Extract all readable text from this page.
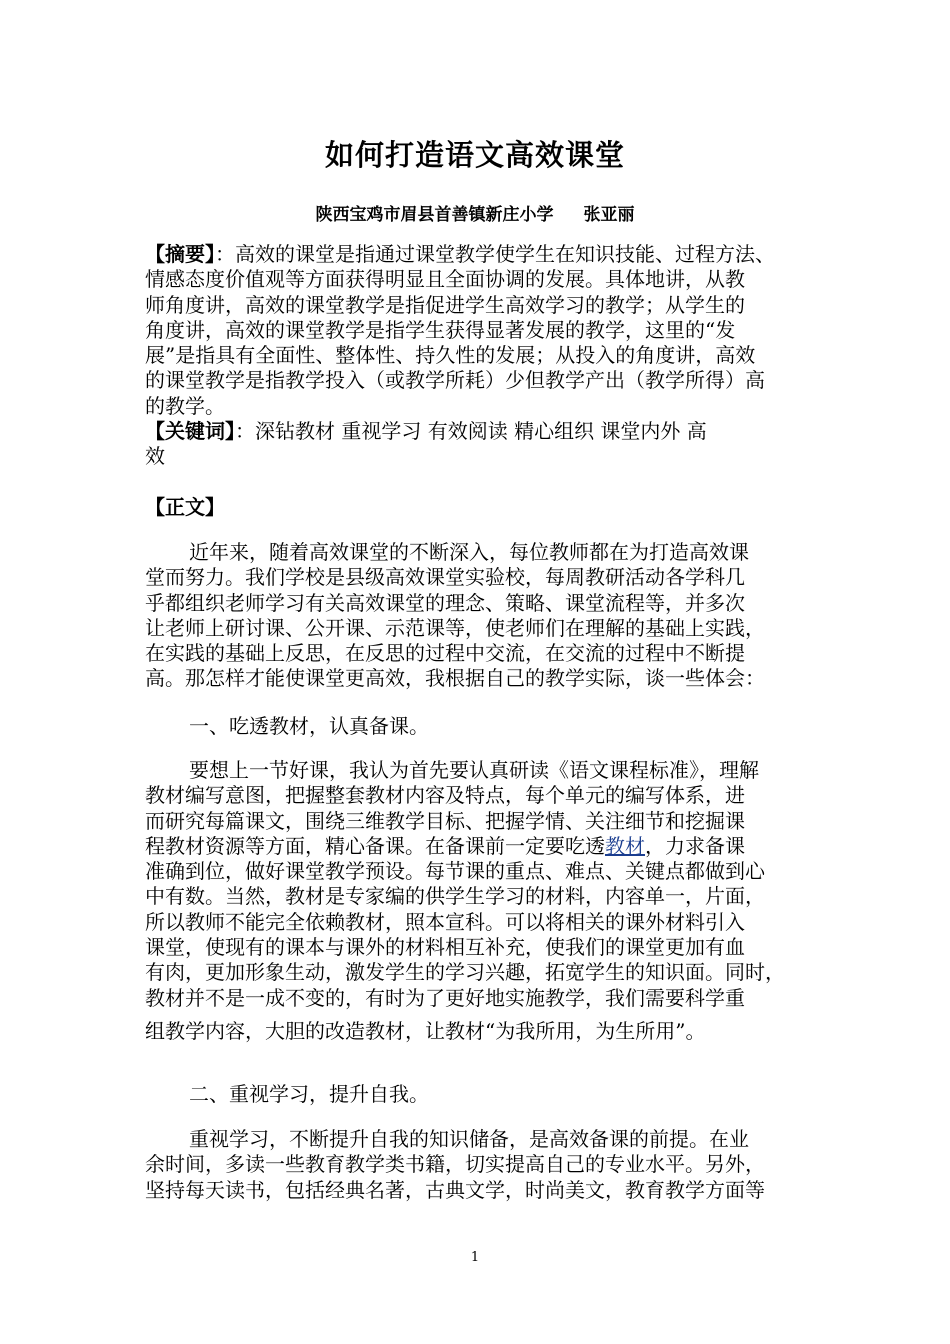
如何打造语文高效课堂
陕西宝鸡市眉县首善镇新庄小学 张亚丽
【摘要】：高效的课堂是指通过课堂教学使学生在知识技能、过程方法、
情感态度价值观等方面获得明显且全面协调的发展。具体地讲，从教
师角度讲，高效的课堂教学是指促进学生高效学习的教学；从学生的
角度讲，高效的课堂教学是指学生获得显著发展的教学，这里的“发
展”是指具有全面性、整体性、持久性的发展；从投入的角度讲，高效
的课堂教学是指教学投入（或教学所耗）少但教学产出（教学所得）高
的教学。
【关键词】：深钻教材 重视学习 有效阅读 精心组织 课堂内外 高
效
【正文】
近年来，随着高效课堂的不断深入，每位教师都在为打造高效课
堂而努力。我们学校是县级高效课堂实验校，每周教研活动各学科几
乎都组织老师学习有关高效课堂的理念、策略、课堂流程等，并多次
让老师上研讨课、公开课、示范课等，使老师们在理解的基础上实践，
在实践的基础上反思，在反思的过程中交流，在交流的过程中不断提
高。那怎样才能使课堂更高效，我根据自己的教学实际，谈一些体会：
一、吃透教材，认真备课。
要想上一节好课，我认为首先要认真研读《语文课程标准》，理解
教材编写意图，把握整套教材内容及特点，每个单元的编写体系，进
而研究每篇课文，围绕三维教学目标、把握学情、关注细节和挖掘课
程教材资源等方面，精心备课。在备课前一定要吃透教材，力求备课
准确到位，做好课堂教学预设。每节课的重点、难点、关键点都做到心
中有数。当然，教材是专家编的供学生学习的材料，内容单一，片面，
所以教师不能完全依赖教材，照本宣科。可以将相关的课外材料引入
课堂，使现有的课本与课外的材料相互补充，使我们的课堂更加有血
有肉，更加形象生动，激发学生的学习兴趣，拓宽学生的知识面。同时，
教材并不是一成不变的，有时为了更好地实施教学，我们需要科学重
组教学内容，大胆的改造教材，让教材“为我所用，为生所用”。
二、重视学习，提升自我。
重视学习，不断提升自我的知识储备，是高效备课的前提。在业
余时间，多读一些教育教学类书籍，切实提高自己的专业水平。另外，
坚持每天读书，包括经典名著，古典文学，时尚美文，教育教学方面等
1
